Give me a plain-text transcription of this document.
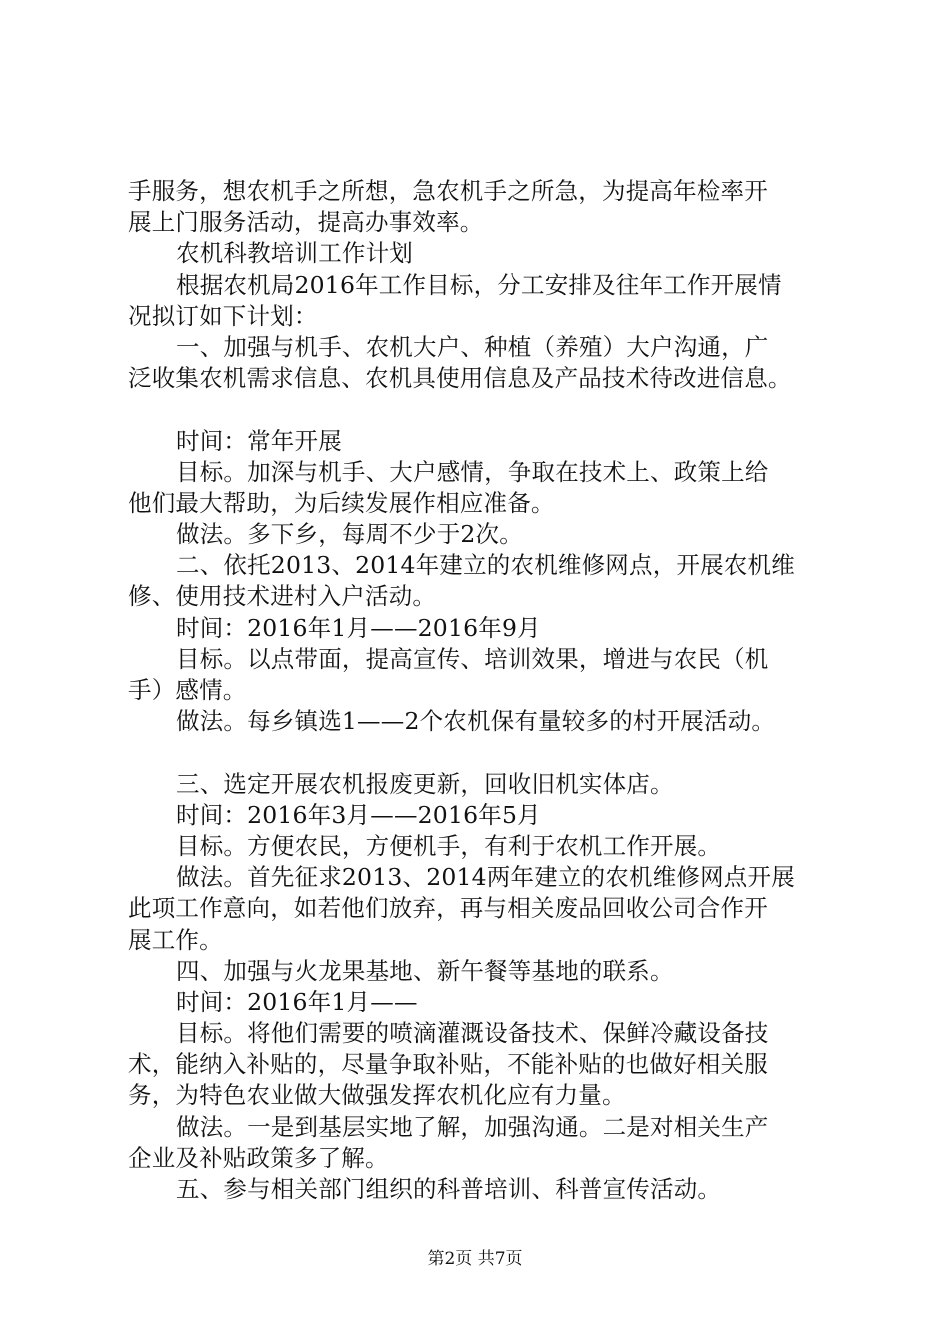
手服务，想农机手之所想，急农机手之所急，为提高年检率开
展上门服务活动，提高办事效率。
农机科教培训工作计划
根据农机局2016年工作目标，分工安排及往年工作开展情
况拟订如下计划：
一、加强与机手、农机大户、种植（养殖）大户沟通，广
泛收集农机需求信息、农机具使用信息及产品技术待改进信息。
时间：常年开展
目标。加深与机手、大户感情，争取在技术上、政策上给
他们最大帮助，为后续发展作相应准备。
做法。多下乡，每周不少于2次。
二、依托2013、2014年建立的农机维修网点，开展农机维
修、使用技术进村入户活动。
时间：2016年1月——2016年9月
目标。以点带面，提高宣传、培训效果，增进与农民（机
手）感情。
做法。每乡镇选1——2个农机保有量较多的村开展活动。
三、选定开展农机报废更新，回收旧机实体店。
时间：2016年3月——2016年5月
目标。方便农民，方便机手，有利于农机工作开展。
做法。首先征求2013、2014两年建立的农机维修网点开展
此项工作意向，如若他们放弃，再与相关废品回收公司合作开
展工作。
四、加强与火龙果基地、新午餐等基地的联系。
时间：2016年1月——
目标。将他们需要的喷滴灌溉设备技术、保鲜冷藏设备技
术，能纳入补贴的，尽量争取补贴，不能补贴的也做好相关服
务，为特色农业做大做强发挥农机化应有力量。
做法。一是到基层实地了解，加强沟通。二是对相关生产
企业及补贴政策多了解。
五、参与相关部门组织的科普培训、科普宣传活动。
第2页 共7页
